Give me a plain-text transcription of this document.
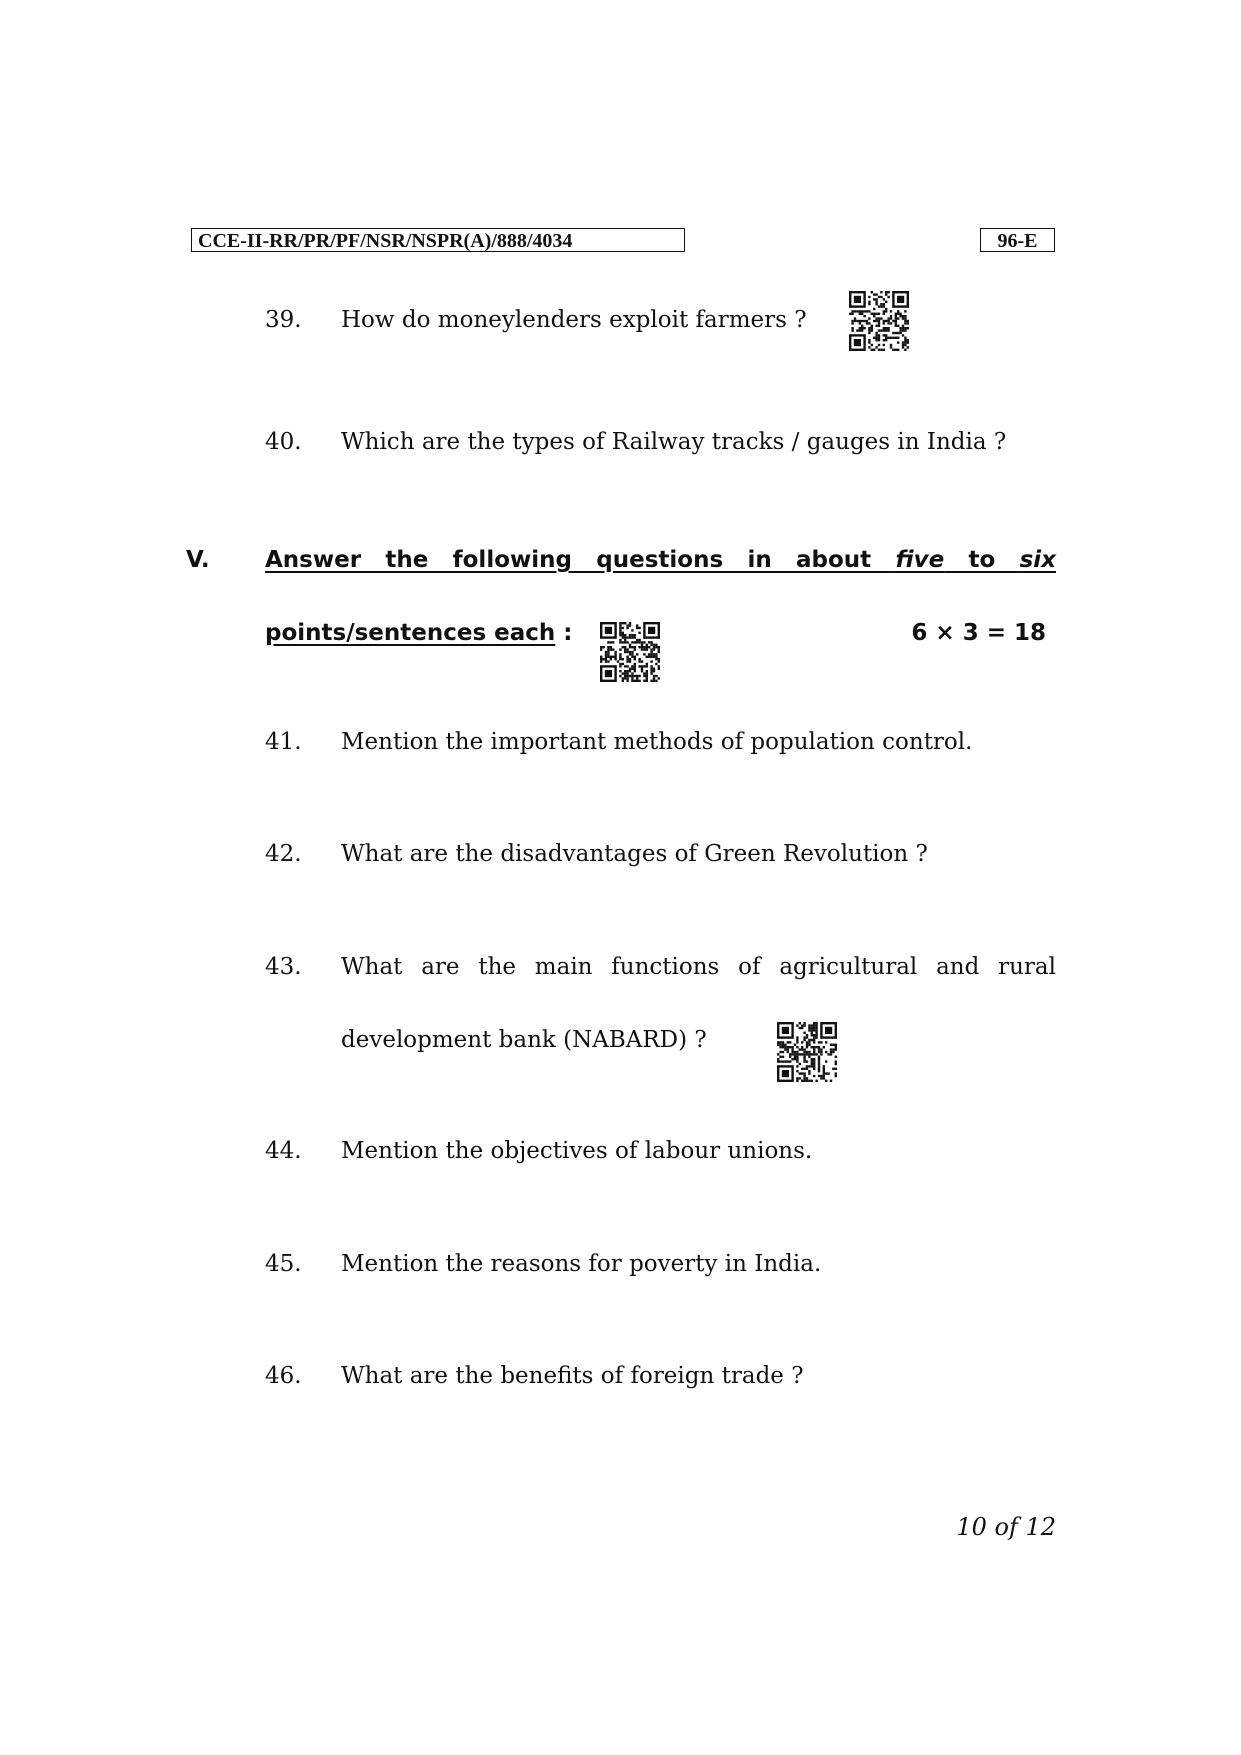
CCE-II-RR/PR/PF/NSR/NSPR(A)/888/4034	96-E
39. How do moneylenders exploit farmers ?
40. Which are the types of Railway tracks / gauges in India ?
V. Answer the following questions in about five to six
points/sentences each :	6 × 3 = 18
41. Mention the important methods of population control.
42. What are the disadvantages of Green Revolution ?
43. What are the main functions of agricultural and rural
development bank (NABARD) ?
44. Mention the objectives of labour unions.
45. Mention the reasons for poverty in India.
46. What are the benefits of foreign trade ?
10 of 12
